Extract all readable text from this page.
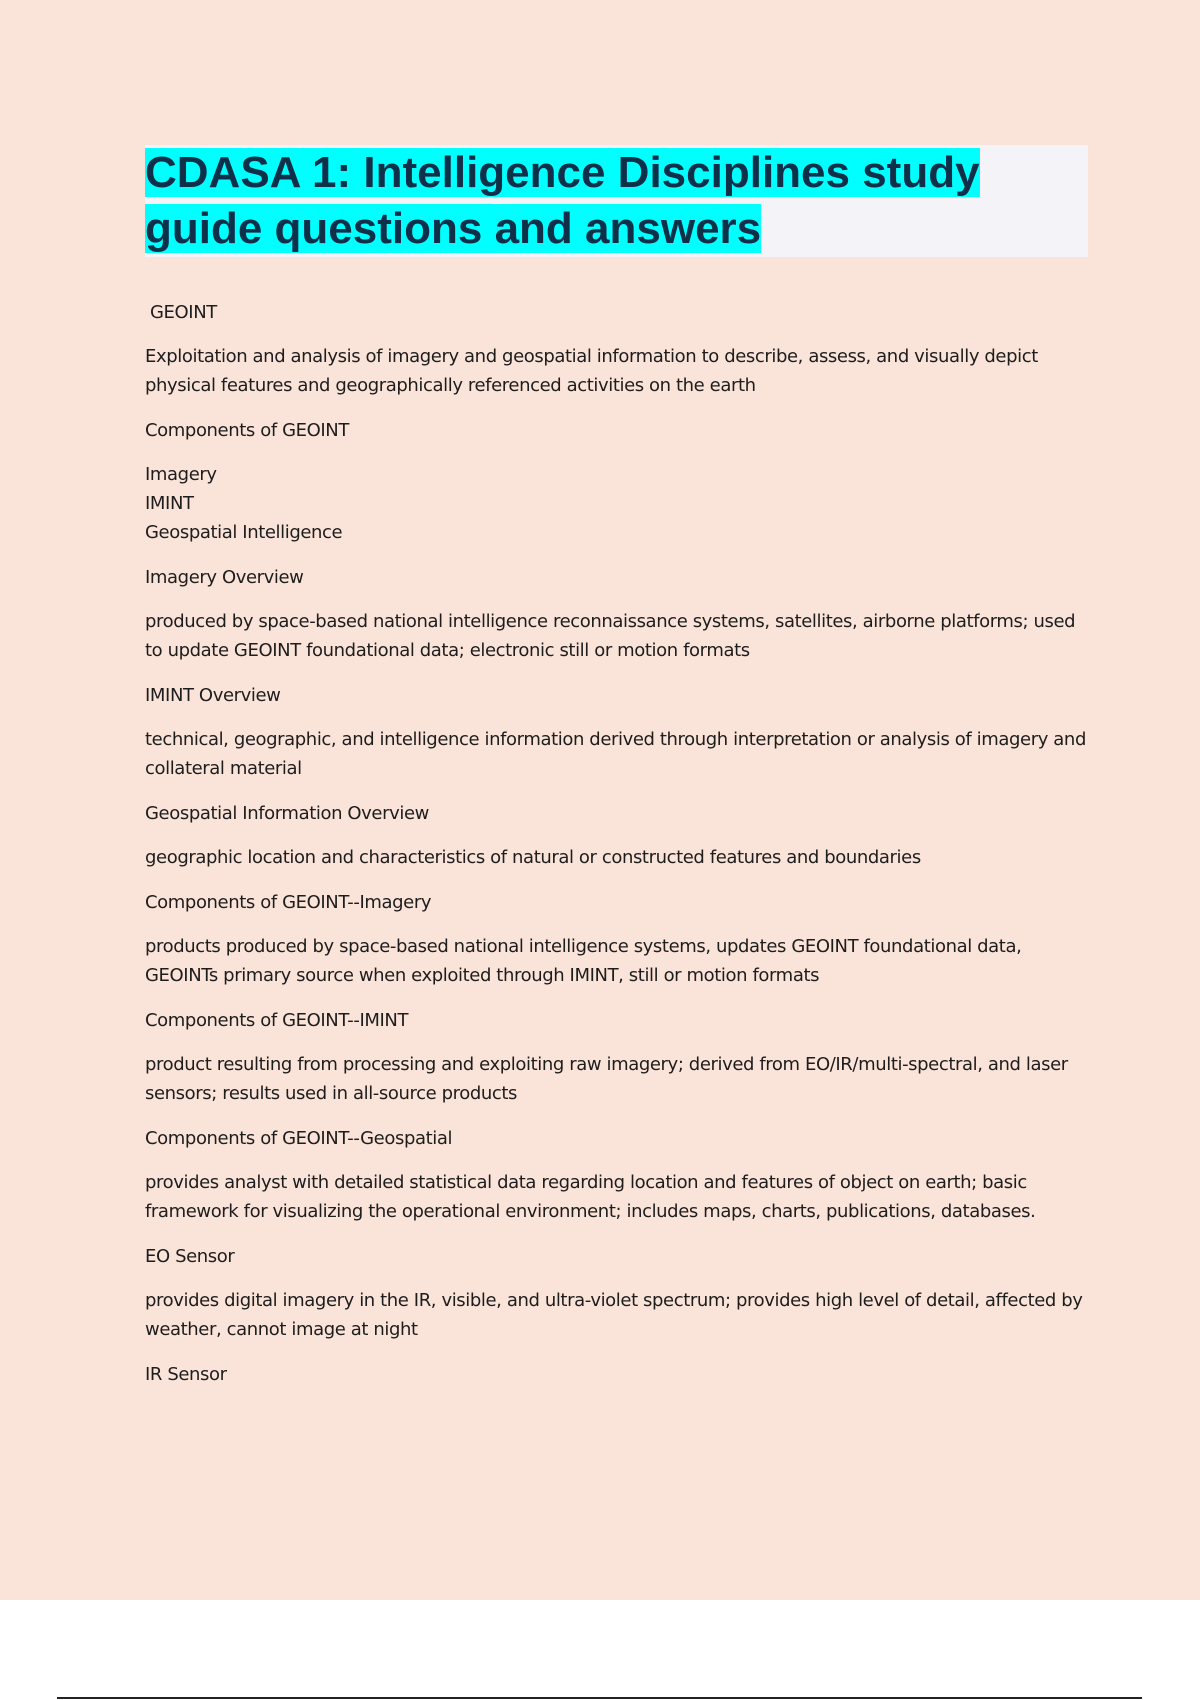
CDASA 1: Intelligence Disciplines study guide questions and answers

GEOINT

Exploitation and analysis of imagery and geospatial information to describe, assess, and visually depict physical features and geographically referenced activities on the earth

Components of GEOINT

Imagery
IMINT
Geospatial Intelligence

Imagery Overview

produced by space-based national intelligence reconnaissance systems, satellites, airborne platforms; used to update GEOINT foundational data; electronic still or motion formats

IMINT Overview

technical, geographic, and intelligence information derived through interpretation or analysis of imagery and collateral material

Geospatial Information Overview

geographic location and characteristics of natural or constructed features and boundaries

Components of GEOINT--Imagery

products produced by space-based national intelligence systems, updates GEOINT foundational data, GEOINTs primary source when exploited through IMINT, still or motion formats

Components of GEOINT--IMINT

product resulting from processing and exploiting raw imagery; derived from EO/IR/multi-spectral, and laser sensors; results used in all-source products

Components of GEOINT--Geospatial

provides analyst with detailed statistical data regarding location and features of object on earth; basic framework for visualizing the operational environment; includes maps, charts, publications, databases.

EO Sensor

provides digital imagery in the IR, visible, and ultra-violet spectrum; provides high level of detail, affected by weather, cannot image at night

IR Sensor
